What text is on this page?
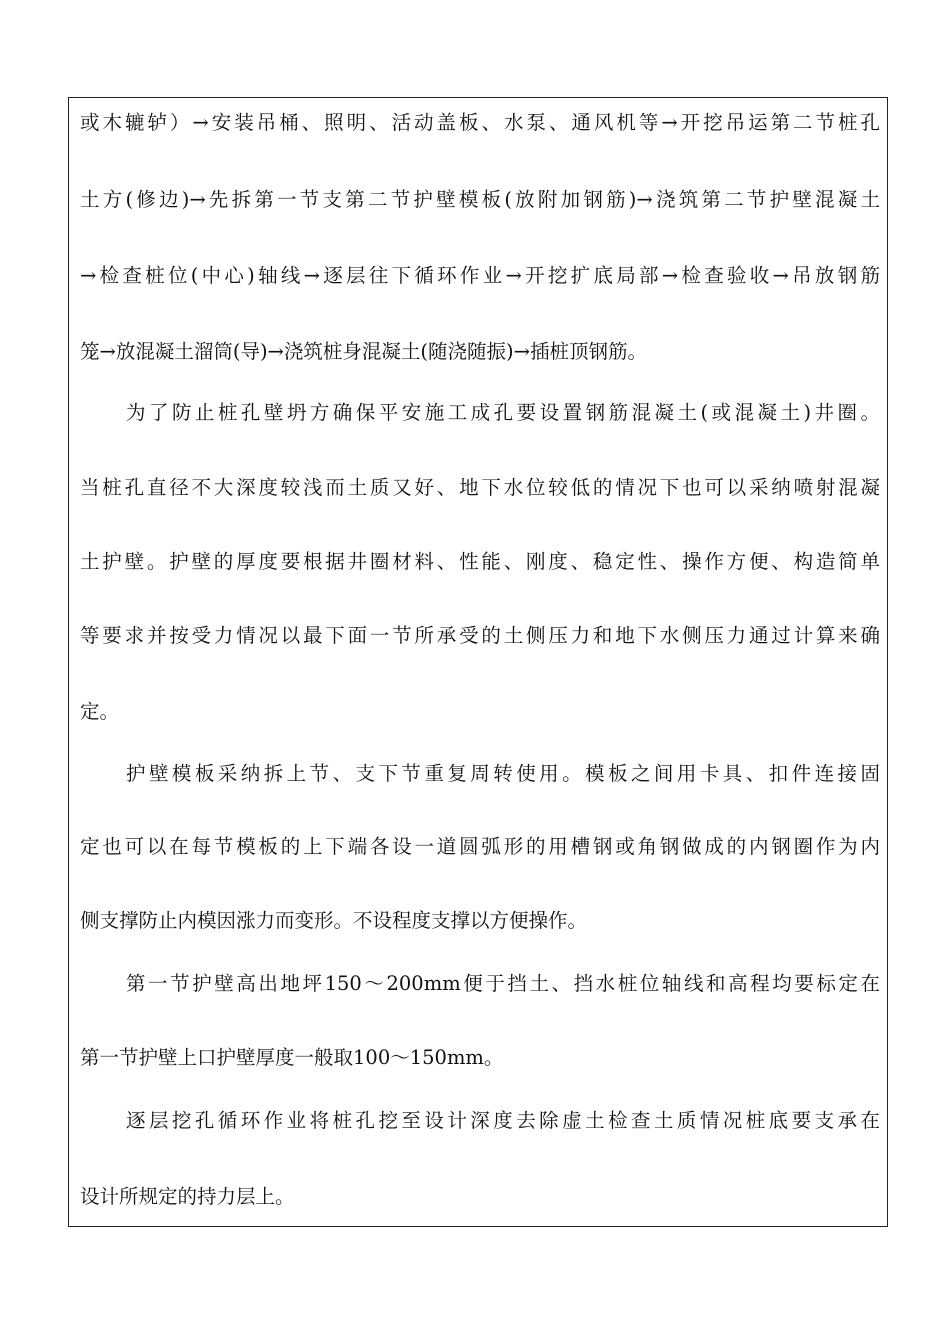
或木辘轳）→安装吊桶、照明、活动盖板、水泵、通风机等→开挖吊运第二节桩孔
土方(修边)→先拆第一节支第二节护壁模板(放附加钢筋)→浇筑第二节护壁混凝土
→检查桩位(中心)轴线→逐层往下循环作业→开挖扩底局部→检查验收→吊放钢筋
笼→放混凝土溜筒(导)→浇筑桩身混凝土(随浇随振)→插桩顶钢筋。
为了防止桩孔壁坍方确保平安施工成孔要设置钢筋混凝土(或混凝土)井圈。
当桩孔直径不大深度较浅而土质又好、地下水位较低的情况下也可以采纳喷射混凝
土护壁。护壁的厚度要根据井圈材料、性能、刚度、稳定性、操作方便、构造简单
等要求并按受力情况以最下面一节所承受的土侧压力和地下水侧压力通过计算来确
定。
护壁模板采纳拆上节、支下节重复周转使用。模板之间用卡具、扣件连接固
定也可以在每节模板的上下端各设一道圆弧形的用槽钢或角钢做成的内钢圈作为内
侧支撑防止内模因涨力而变形。不设程度支撑以方便操作。
第一节护壁高出地坪150～200mm便于挡土、挡水桩位轴线和高程均要标定在
第一节护壁上口护壁厚度一般取100～150mm。
逐层挖孔循环作业将桩孔挖至设计深度去除虚土检查土质情况桩底要支承在
设计所规定的持力层上。
